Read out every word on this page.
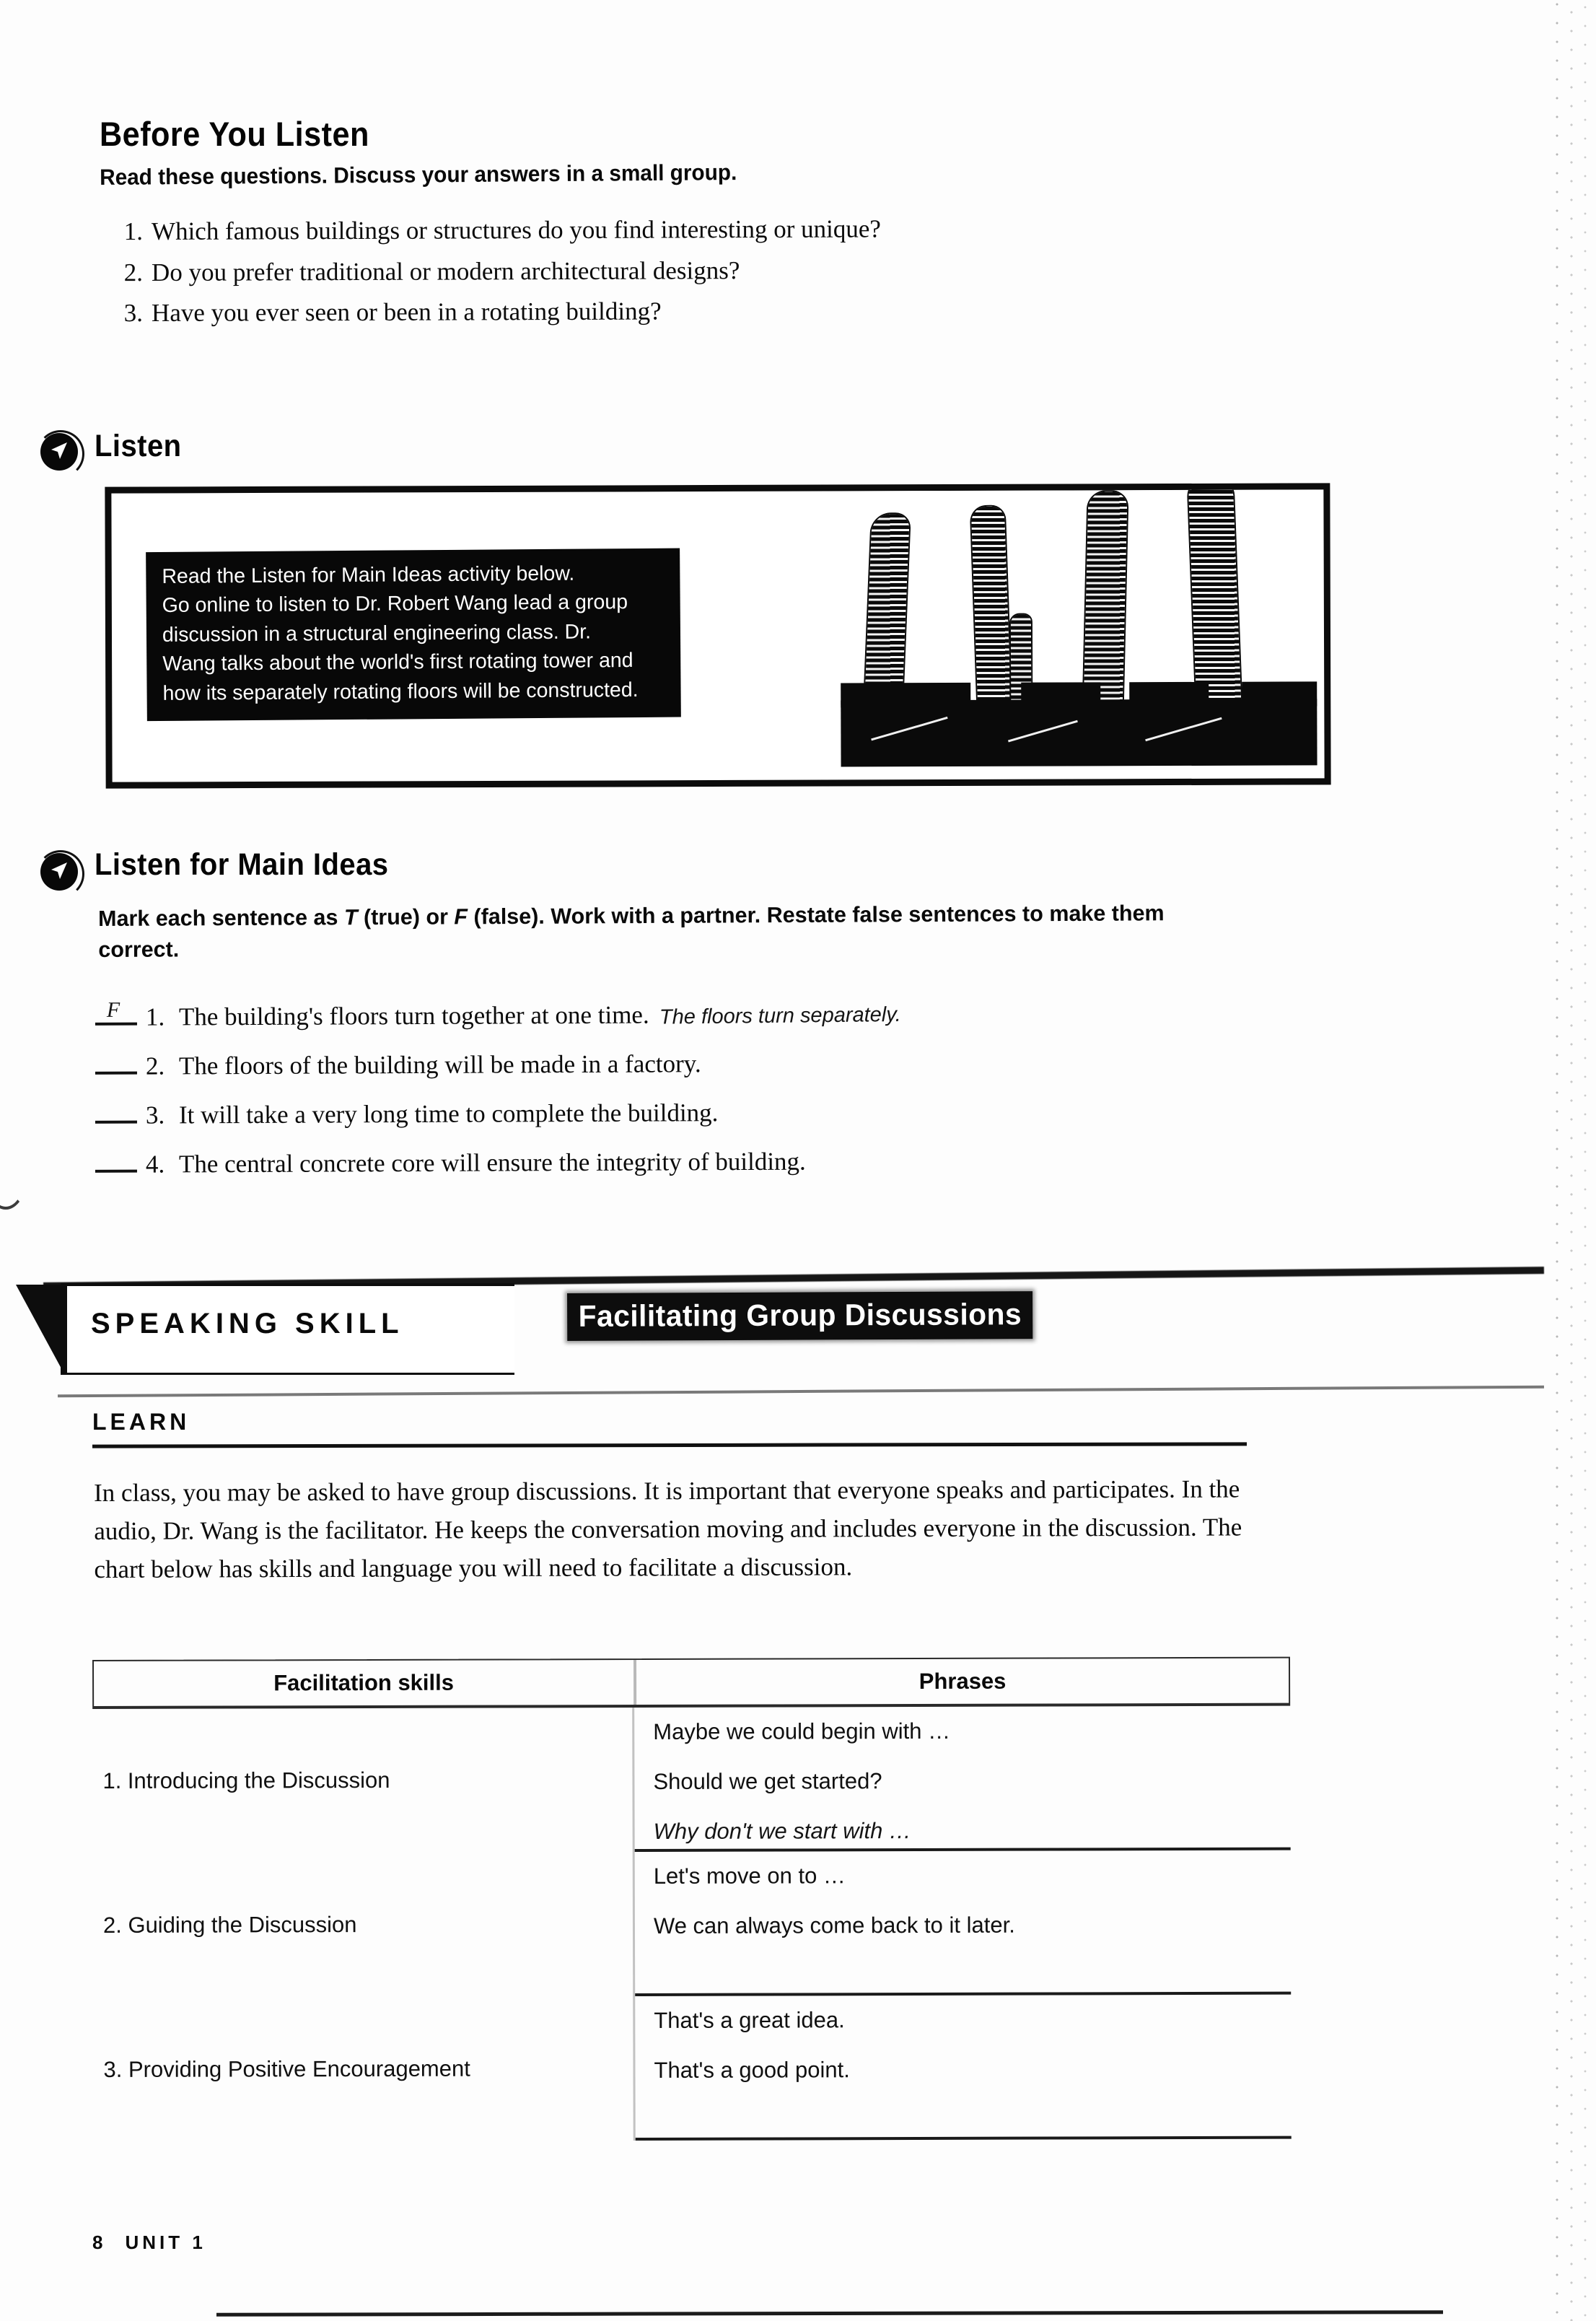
Before You Listen
Read these questions. Discuss your answers in a small group.
1. Which famous buildings or structures do you find interesting or unique?
2. Do you prefer traditional or modern architectural designs?
3. Have you ever seen or been in a rotating building?
Listen
Read the Listen for Main Ideas activity below.
Go online to listen to Dr. Robert Wang lead a group
discussion in a structural engineering class. Dr.
Wang talks about the world's first rotating tower and
how its separately rotating floors will be constructed.
Listen for Main Ideas
Mark each sentence as T (true) or F (false). Work with a partner. Restate false sentences to make them correct.
F 1. The building's floors turn together at one time. The floors turn separately.
2. The floors of the building will be made in a factory.
3. It will take a very long time to complete the building.
4. The central concrete core will ensure the integrity of building.
SPEAKING SKILL	Facilitating Group Discussions
LEARN
In class, you may be asked to have group discussions. It is important that everyone speaks and participates. In the audio, Dr. Wang is the facilitator. He keeps the conversation moving and includes everyone in the discussion. The chart below has skills and language you will need to facilitate a discussion.
Facilitation skills	Phrases
1. Introducing the Discussion
Maybe we could begin with …
Should we get started?
Why don't we start with …
2. Guiding the Discussion
Let's move on to …
We can always come back to it later.

3. Providing Positive Encouragement
That's a great idea.
That's a good point.

8 UNIT 1
